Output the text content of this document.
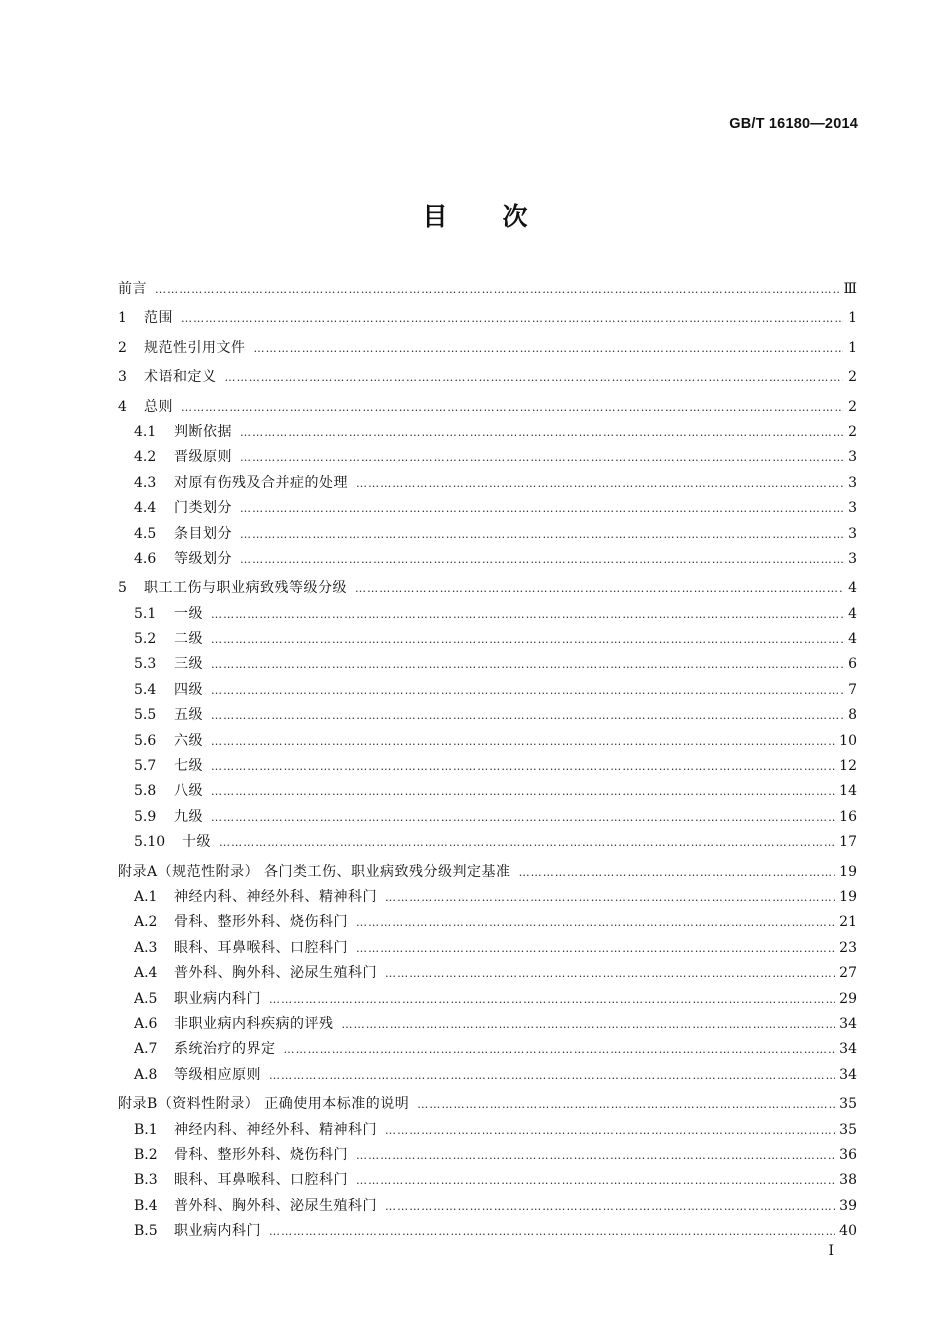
GB/T 16180—2014
目 次
前言 …………………………………………………………………………………………………………………………………………………………………………………………………………………………………………………	Ⅲ
1	范围 …………………………………………………………………………………………………………………………………………………………………………………………………………………………………………………	1
2	规范性引用文件 …………………………………………………………………………………………………………………………………………………………………………………………………………………………………………………	1
3	术语和定义 …………………………………………………………………………………………………………………………………………………………………………………………………………………………………………………	2
4	总则 …………………………………………………………………………………………………………………………………………………………………………………………………………………………………………………	2
4.1	判断依据 …………………………………………………………………………………………………………………………………………………………………………………………………………………………………………………	2
4.2	晋级原则 …………………………………………………………………………………………………………………………………………………………………………………………………………………………………………………	3
4.3	对原有伤残及合并症的处理 …………………………………………………………………………………………………………………………………………………………………………………………………………………………………………………	3
4.4	门类划分 …………………………………………………………………………………………………………………………………………………………………………………………………………………………………………………	3
4.5	条目划分 …………………………………………………………………………………………………………………………………………………………………………………………………………………………………………………	3
4.6	等级划分 …………………………………………………………………………………………………………………………………………………………………………………………………………………………………………………	3
5	职工工伤与职业病致残等级分级 …………………………………………………………………………………………………………………………………………………………………………………………………………………………………………………	4
5.1	一级 …………………………………………………………………………………………………………………………………………………………………………………………………………………………………………………	4
5.2	二级 …………………………………………………………………………………………………………………………………………………………………………………………………………………………………………………	4
5.3	三级 …………………………………………………………………………………………………………………………………………………………………………………………………………………………………………………	6
5.4	四级 …………………………………………………………………………………………………………………………………………………………………………………………………………………………………………………	7
5.5	五级 …………………………………………………………………………………………………………………………………………………………………………………………………………………………………………………	8
5.6	六级 …………………………………………………………………………………………………………………………………………………………………………………………………………………………………………………	10
5.7	七级 …………………………………………………………………………………………………………………………………………………………………………………………………………………………………………………	12
5.8	八级 …………………………………………………………………………………………………………………………………………………………………………………………………………………………………………………	14
5.9	九级 …………………………………………………………………………………………………………………………………………………………………………………………………………………………………………………	16
5.10	十级 …………………………………………………………………………………………………………………………………………………………………………………………………………………………………………………	17
附录A（规范性附录） 各门类工伤、职业病致残分级判定基准 …………………………………………………………………………………………………………………………………………………………………………………………………………………………………………………	19
A.1	神经内科、神经外科、精神科门 …………………………………………………………………………………………………………………………………………………………………………………………………………………………………………………	19
A.2	骨科、整形外科、烧伤科门 …………………………………………………………………………………………………………………………………………………………………………………………………………………………………………………	21
A.3	眼科、耳鼻喉科、口腔科门 …………………………………………………………………………………………………………………………………………………………………………………………………………………………………………………	23
A.4	普外科、胸外科、泌尿生殖科门 …………………………………………………………………………………………………………………………………………………………………………………………………………………………………………………	27
A.5	职业病内科门 …………………………………………………………………………………………………………………………………………………………………………………………………………………………………………………	29
A.6	非职业病内科疾病的评残 …………………………………………………………………………………………………………………………………………………………………………………………………………………………………………………	34
A.7	系统治疗的界定 …………………………………………………………………………………………………………………………………………………………………………………………………………………………………………………	34
A.8	等级相应原则 …………………………………………………………………………………………………………………………………………………………………………………………………………………………………………………	34
附录B（资料性附录） 正确使用本标准的说明 …………………………………………………………………………………………………………………………………………………………………………………………………………………………………………………	35
B.1	神经内科、神经外科、精神科门 …………………………………………………………………………………………………………………………………………………………………………………………………………………………………………………	35
B.2	骨科、整形外科、烧伤科门 …………………………………………………………………………………………………………………………………………………………………………………………………………………………………………………	36
B.3	眼科、耳鼻喉科、口腔科门 …………………………………………………………………………………………………………………………………………………………………………………………………………………………………………………	38
B.4	普外科、胸外科、泌尿生殖科门 …………………………………………………………………………………………………………………………………………………………………………………………………………………………………………………	39
B.5	职业病内科门 …………………………………………………………………………………………………………………………………………………………………………………………………………………………………………………	40
I
